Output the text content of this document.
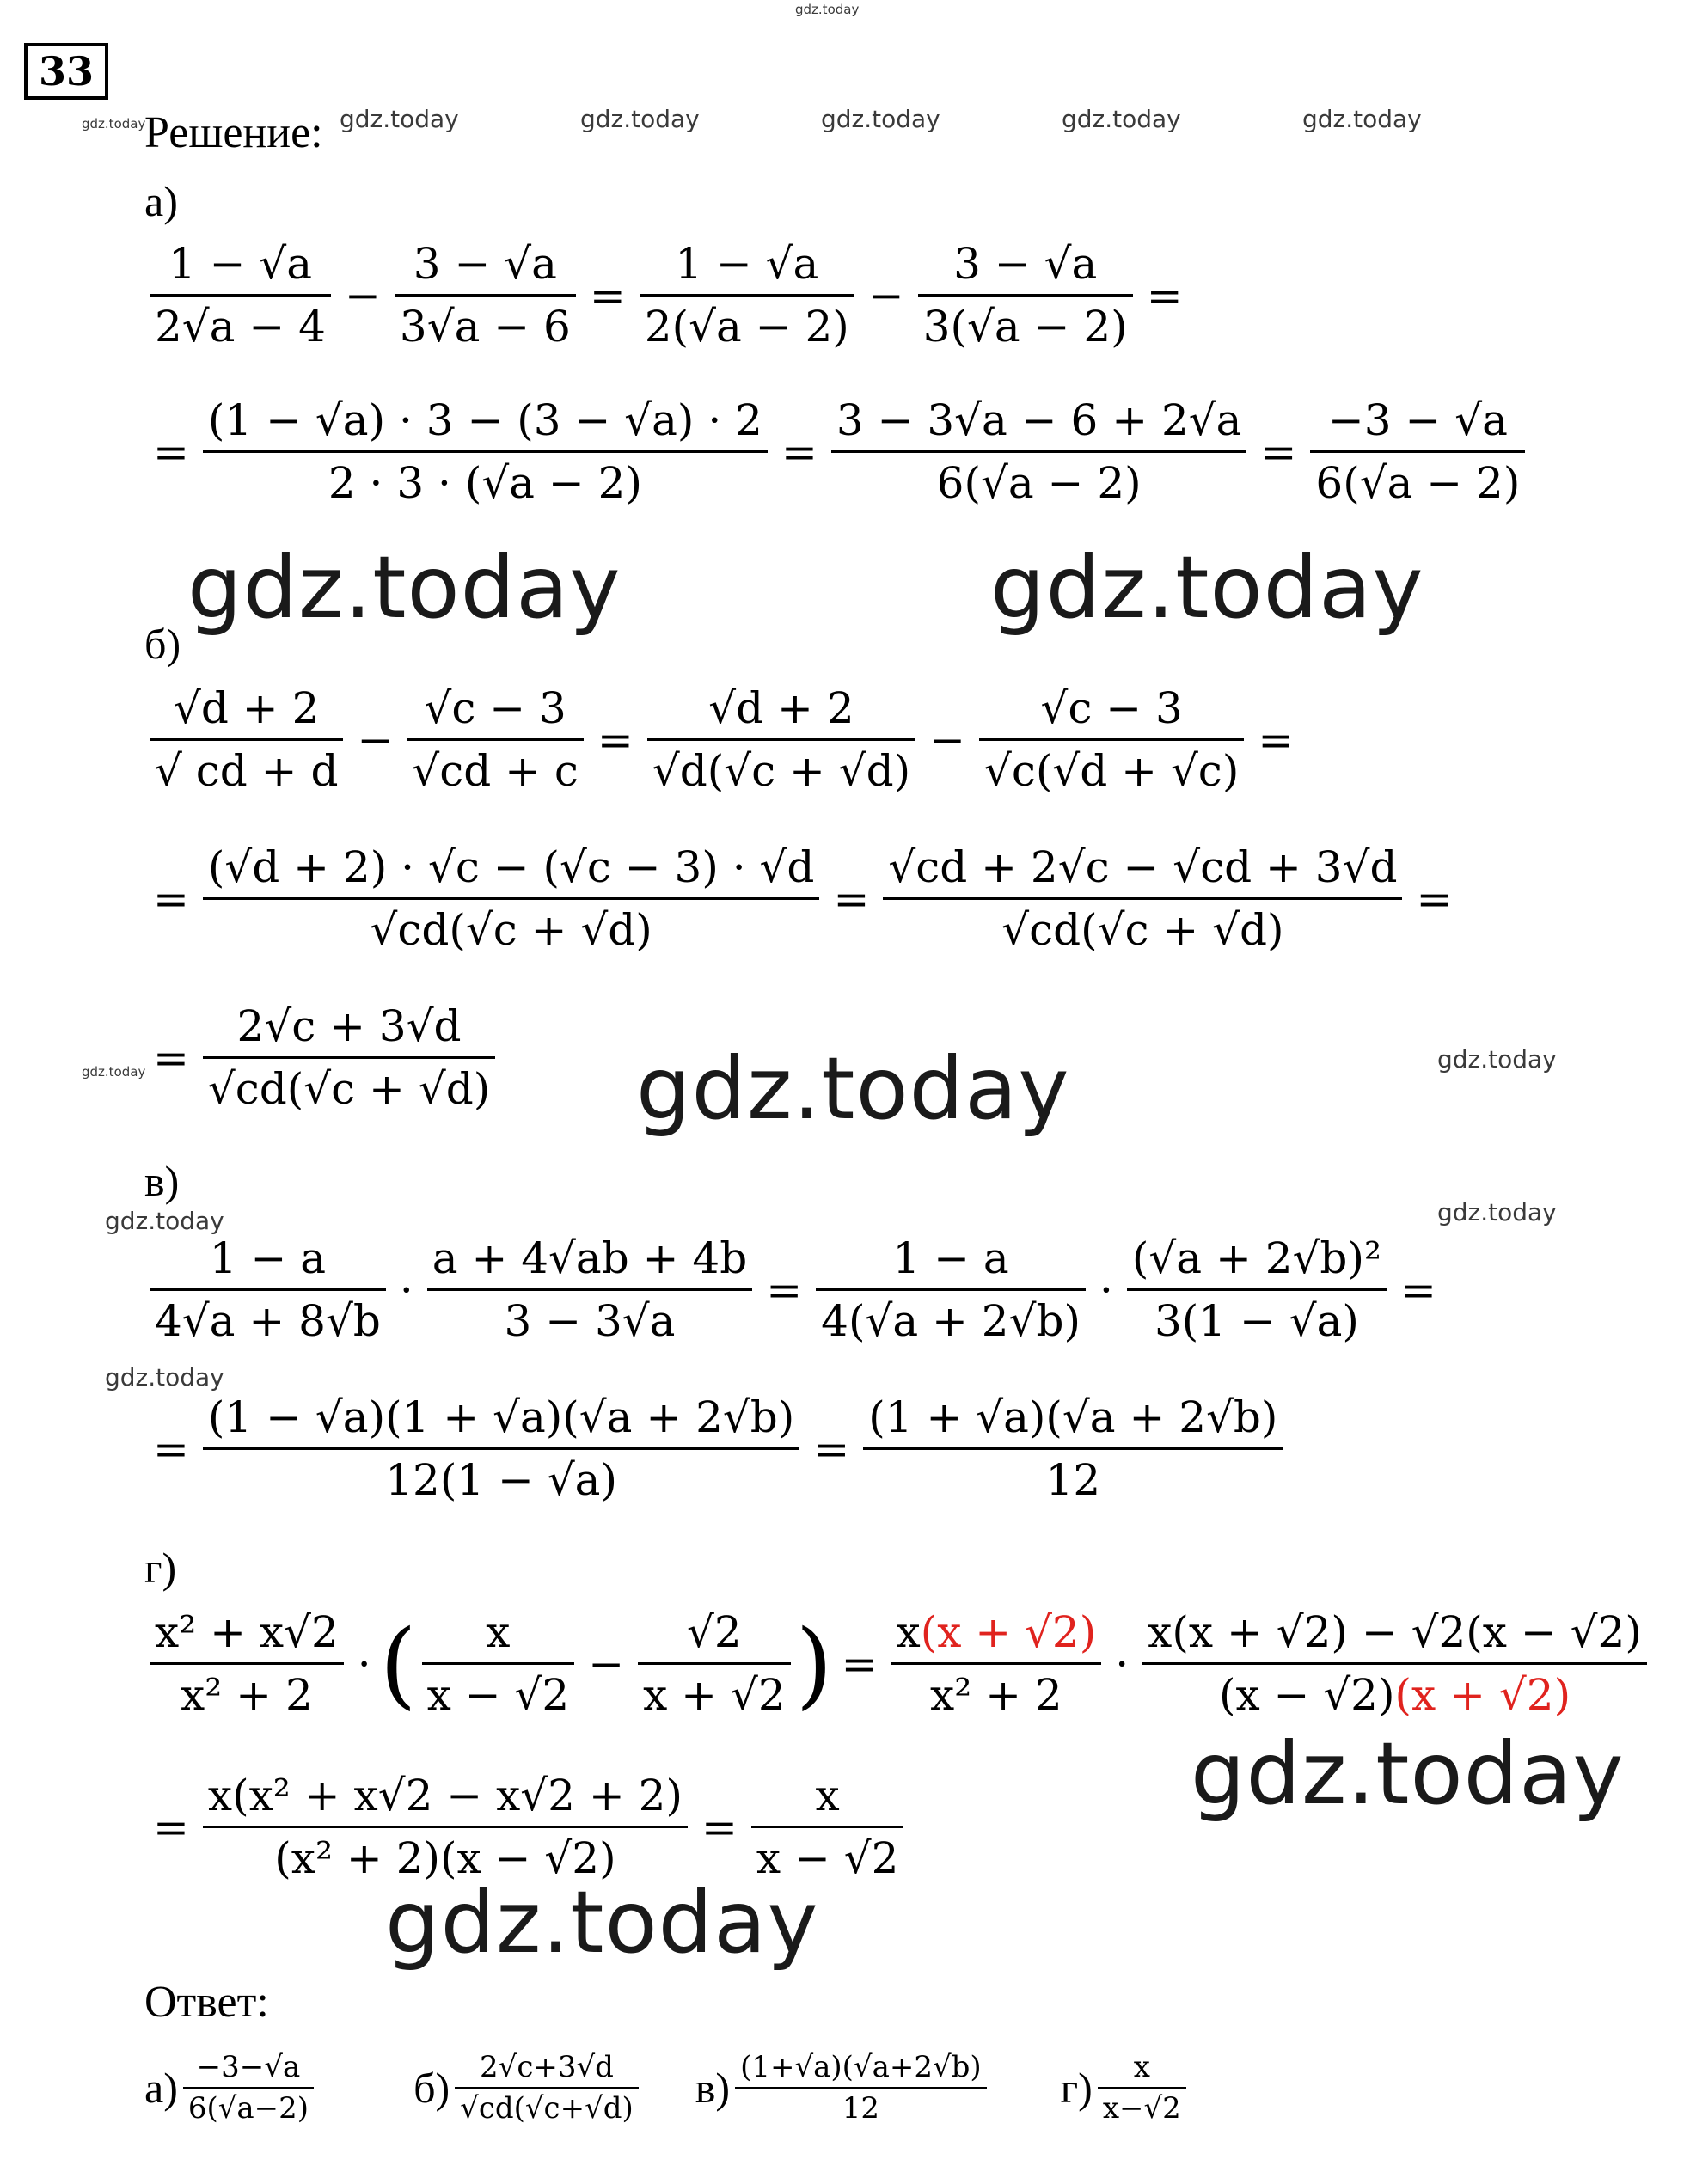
gdz.today
gdz.today	gdz.today	gdz.today	gdz.today	gdz.today	gdz.today
gdz.today	gdz.today
gdz.today	gdz.today	gdz.today
gdz.today	gdz.today
gdz.today
gdz.today
gdz.today
33
Решение:
а)
$\frac{1 - √a}{2√a - 4} - \frac{3 - √a}{3√a - 6} = \frac{1 - √a}{2(√a - 2)} - \frac{3 - √a}{3(√a - 2)}$ =
= $\frac{(1 - √a) \cdot 3 - (3 - √a) \cdot 2}{2 \cdot 3 \cdot (√a - 2)} = \frac{3 - 3√a - 6 + 2√a}{6(√a - 2)} = \frac{-3 - √a}{6(√a - 2)}$
б)
$\frac{√d + 2}{√ cd + d} - \frac{√c - 3}{√cd + c} = \frac{√d + 2}{√d(√c + √d)} - \frac{√c - 3}{√c(√d + √c)}$ =
= $\frac{(√d + 2) \cdot √c - (√c - 3) \cdot √d}{√cd(√c + √d)} = \frac{√cd + 2√c - √cd + 3√d}{√cd(√c + √d)}$ =
= $\frac{2√c + 3√d}{√cd(√c + √d)}$
в)
$\frac{1 - a}{4√a + 8√b} \cdot \frac{a + 4√ab + 4b}{3 - 3√a} = \frac{1 - a}{4(√a + 2√b)} \cdot \frac{\text{(√a + 2√b)²}}{3(1 - √a)}$ =
= $\frac{(1 - √a)(1 + √a)(√a + 2√b)}{12(1 - √a)} = \frac{(1 + √a)(√a + 2√b)}{12}$
г)
$\frac{\text{x² + x√2}}{\text{x² + 2}}$ · ( $\frac{x}{x - √2} - \frac{√2}{x + √2}$ ) = $\frac{x(x + √2)}{\text{x² + 2}} \cdot \frac{x(x + √2) - √2(x - √2)}{(x - √2)(x + √2)}$
= $\frac{\text{x(x² + x√2 − x√2 + 2)}}{\text{(x² + 2)(x − √2)}} = \frac{x}{x - √2}$
Ответ:
$а) \frac{-3-√a}{6(√a-2)} б) \frac{2√c+3√d}{√cd(√c+√d)} в) \frac{(1+√a)(√a+2√b)}{12} г) \frac{x}{x-√2}$
